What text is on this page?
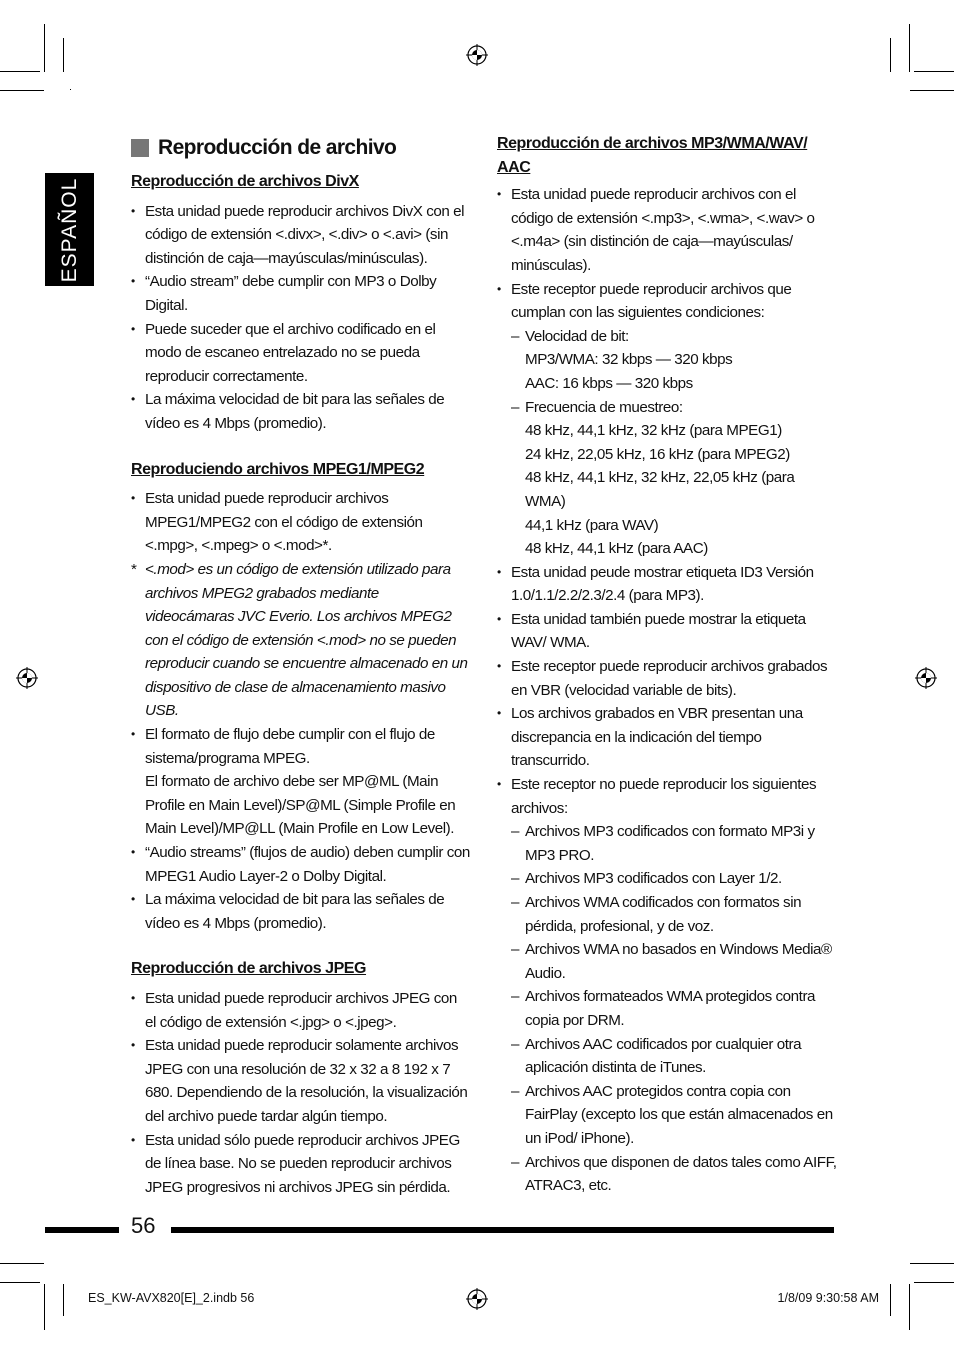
ESPAÑOL
Reproducción de archivo
Reproducción de archivos DivX
• Esta unidad puede reproducir archivos DivX con el código de extensión <.divx>, <.div> o <.avi> (sin distinción de caja—mayúsculas/minúsculas).
• “Audio stream” debe cumplir con MP3 o Dolby Digital.
• Puede suceder que el archivo codificado en el modo de escaneo entrelazado no se pueda reproducir correctamente.
• La máxima velocidad de bit para las señales de vídeo es 4 Mbps (promedio).
Reproduciendo archivos MPEG1/MPEG2
• Esta unidad puede reproducir archivos MPEG1/MPEG2 con el código de extensión <.mpg>, <.mpeg> o <.mod>*.
* <.mod> es un código de extensión utilizado para archivos MPEG2 grabados mediante videocámaras JVC Everio. Los archivos MPEG2 con el código de extensión <.mod> no se pueden reproducir cuando se encuentre almacenado en un dispositivo de clase de almacenamiento masivo USB.
• El formato de flujo debe cumplir con el flujo de sistema/programa MPEG.
El formato de archivo debe ser MP@ML (Main Profile en Main Level)/SP@ML (Simple Profile en Main Level)/MP@LL (Main Profile en Low Level).
• “Audio streams” (flujos de audio) deben cumplir con MPEG1 Audio Layer-2 o Dolby Digital.
• La máxima velocidad de bit para las señales de vídeo es 4 Mbps (promedio).
Reproducción de archivos JPEG
• Esta unidad puede reproducir archivos JPEG con el código de extensión <.jpg> o <.jpeg>.
• Esta unidad puede reproducir solamente archivos JPEG con una resolución de 32 x 32 a 8 192 x 7 680. Dependiendo de la resolución, la visualización del archivo puede tardar algún tiempo.
• Esta unidad sólo puede reproducir archivos JPEG de línea base. No se pueden reproducir archivos JPEG progresivos ni archivos JPEG sin pérdida.
Reproducción de archivos MP3/WMA/WAV/ AAC
• Esta unidad puede reproducir archivos con el código de extensión <.mp3>, <.wma>, <.wav> o <.m4a> (sin distinción de caja—mayúsculas/ minúsculas).
• Este receptor puede reproducir archivos que cumplan con las siguientes condiciones:
– Velocidad de bit:
MP3/WMA: 32 kbps — 320 kbps
AAC: 16 kbps — 320 kbps
– Frecuencia de muestreo:
48 kHz, 44,1 kHz, 32 kHz (para MPEG1)
24 kHz, 22,05 kHz, 16 kHz (para MPEG2)
48 kHz, 44,1 kHz, 32 kHz, 22,05 kHz (para WMA)
44,1 kHz (para WAV)
48 kHz, 44,1 kHz (para AAC)
• Esta unidad peude mostrar etiqueta ID3 Versión 1.0/1.1/2.2/2.3/2.4 (para MP3).
• Esta unidad también puede mostrar la etiqueta WAV/ WMA.
• Este receptor puede reproducir archivos grabados en VBR (velocidad variable de bits).
• Los archivos grabados en VBR presentan una discrepancia en la indicación del tiempo transcurrido.
• Este receptor no puede reproducir los siguientes archivos:
– Archivos MP3 codificados con formato MP3i y MP3 PRO.
– Archivos MP3 codificados con Layer 1/2.
– Archivos WMA codificados con formatos sin pérdida, profesional, y de voz.
– Archivos WMA no basados en Windows Media® Audio.
– Archivos formateados WMA protegidos contra copia por DRM.
– Archivos AAC codificados por cualquier otra aplicación distinta de iTunes.
– Archivos AAC protegidos contra copia con FairPlay (excepto los que están almacenados en un iPod/ iPhone).
– Archivos que disponen de datos tales como AIFF, ATRAC3, etc.
56
ES_KW-AVX820[E]_2.indb 56	1/8/09 9:30:58 AM
